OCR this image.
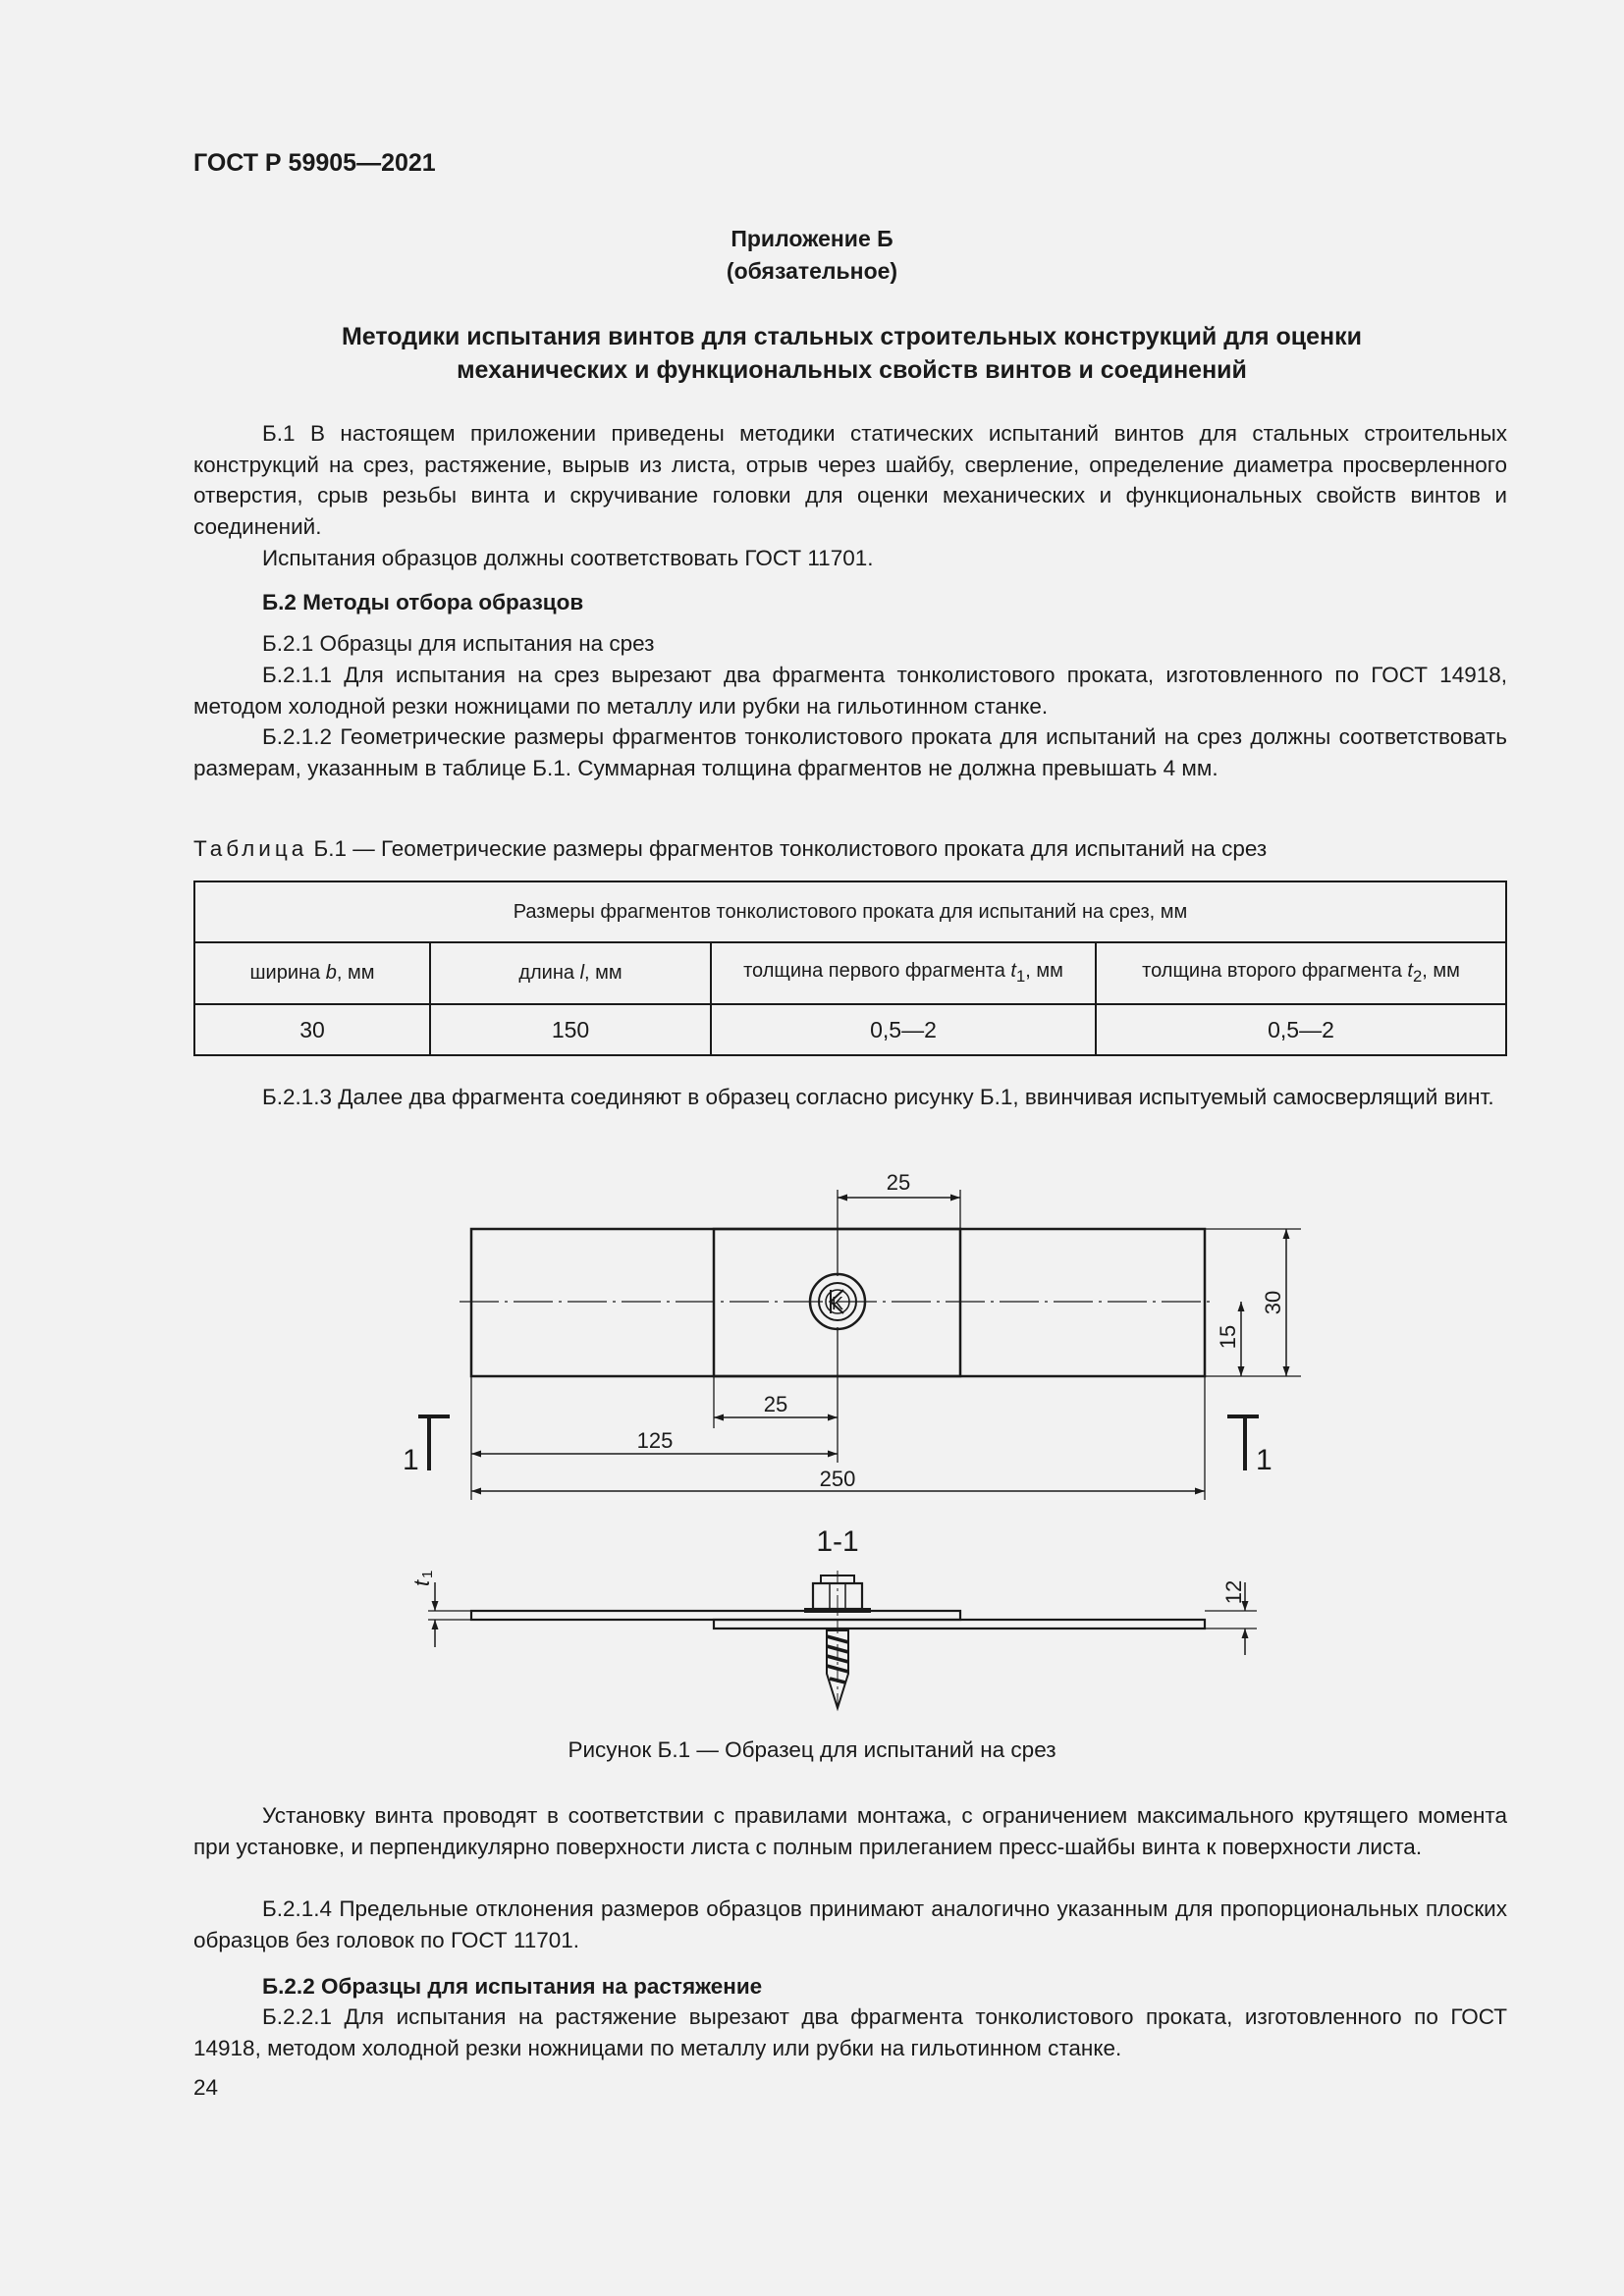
ГОСТ Р 59905—2021
Приложение Б
(обязательное)
Методики испытания винтов для стальных строительных конструкций для оценки
механических и функциональных свойств винтов и соединений

Б.1 В настоящем приложении приведены методики статических испытаний винтов для стальных строительных конструкций на срез, растяжение, вырыв из листа, отрыв через шайбу, сверление, определение диаметра просверленного отверстия, срыв резьбы винта и скручивание головки для оценки механических и функциональных свойств винтов и соединений.

Испытания образцов должны соответствовать ГОСТ 11701.

Б.2 Методы отбора образцов

Б.2.1 Образцы для испытания на срез

Б.2.1.1 Для испытания на срез вырезают два фрагмента тонколистового проката, изготовленного по ГОСТ 14918, методом холодной резки ножницами по металлу или рубки на гильотинном станке.

Б.2.1.2 Геометрические размеры фрагментов тонколистового проката для испытаний на срез должны соответствовать размерам, указанным в таблице Б.1. Суммарная толщина фрагментов не должна превышать 4 мм.

Таблица Б.1 — Геометрические размеры фрагментов тонколистового проката для испытаний на срез
Размеры фрагментов тонколистового проката для испытаний на срез, мм			
ширина b, мм	длина l, мм	толщина первого фрагмента $t_1$, мм	толщина второго фрагмента $t_2$, мм
30	150	0,5—2	0,5—2

Б.2.1.3 Далее два фрагмента соединяют в образец согласно рисунку Б.1, ввинчивая испытуемый самосверлящий винт.

K
25
30
15
25
125
250
1	1
1-1
t
1
12
Рисунок Б.1 — Образец для испытаний на срез

Установку винта проводят в соответствии с правилами монтажа, с ограничением максимального крутящего момента при установке, и перпендикулярно поверхности листа с полным прилеганием пресс-шайбы винта к поверхности листа.

Б.2.1.4 Предельные отклонения размеров образцов принимают аналогично указанным для пропорциональных плоских образцов без головок по ГОСТ 11701.

Б.2.2 Образцы для испытания на растяжение

Б.2.2.1 Для испытания на растяжение вырезают два фрагмента тонколистового проката, изготовленного по ГОСТ 14918, методом холодной резки ножницами по металлу или рубки на гильотинном станке.

24
